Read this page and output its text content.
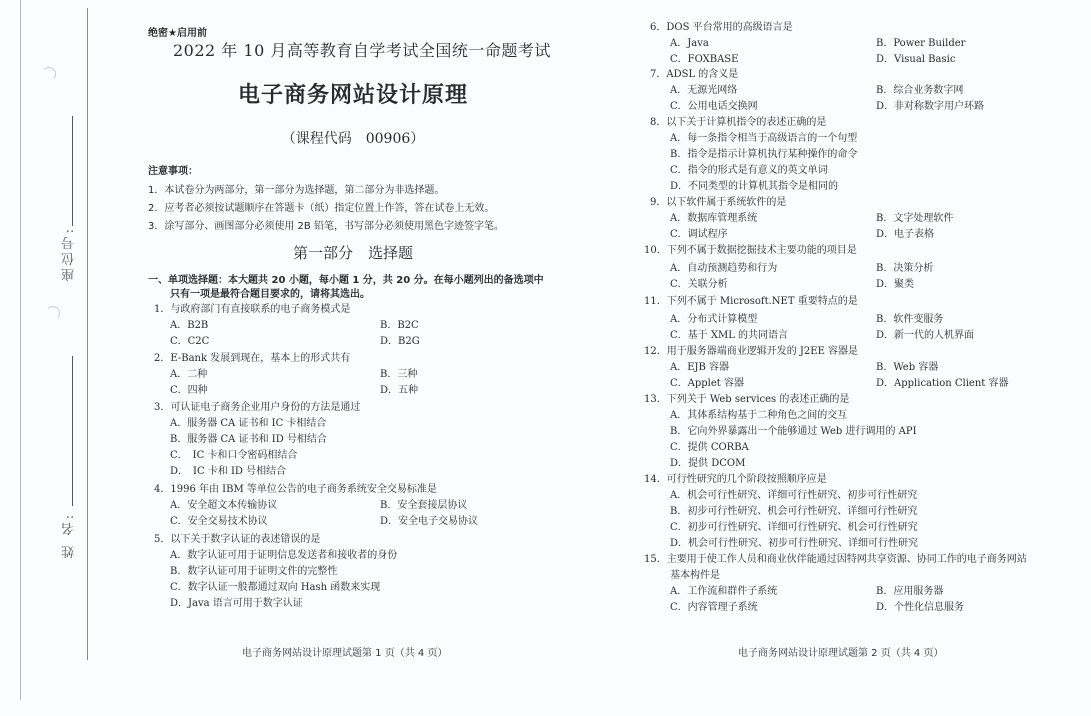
座位号:
姓 名:
绝密★启用前
2022 年 10 月高等教育自学考试全国统一命题考试
电子商务网站设计原理
（课程代码　00906）
注意事项：
1．本试卷分为两部分，第一部分为选择题，第二部分为非选择题。
2．应考者必须按试题顺序在答题卡（纸）指定位置上作答，答在试卷上无效。
3．涂写部分、画图部分必须使用 2B 铅笔，书写部分必须使用黑色字迹签字笔。
第一部分　选择题
一、单项选择题：本大题共 20 小题，每小题 1 分，共 20 分。在每小题列出的备选项中
只有一项是最符合题目要求的，请将其选出。
1．与政府部门有直接联系的电子商务模式是
A．B2B	B．B2C
C．C2C	D．B2G
2．E-Bank 发展到现在，基本上的形式共有
A．二种	B．三种
C．四种	D．五种
3．可认证电子商务企业用户身份的方法是通过
A．服务器 CA 证书和 IC 卡相结合
B．服务器 CA 证书和 ID 号相结合
C．　IC 卡和口令密码相结合
D．　IC 卡和 ID 号相结合
4．1996 年由 IBM 等单位公告的电子商务系统安全交易标准是
A．安全超文本传输协议	B．安全套接层协议
C．安全交易技术协议	D．安全电子交易协议
5．以下关于数字认证的表述错误的是
A．数字认证可用于证明信息发送者和接收者的身份
B．数字认证可用于证明文件的完整性
C．数字认证一般都通过双向 Hash 函数来实现
D．Java 语言可用于数字认证
电子商务网站设计原理试题第 1 页（共 4 页）
6．DOS 平台常用的高级语言是
A．Java	B．Power Builder
C．FOXBASE	D．Visual Basic
7．ADSL 的含义是
A．无源光网络	B．综合业务数字网
C．公用电话交换网	D．非对称数字用户环路
8．以下关于计算机指令的表述正确的是
A．每一条指令相当于高级语言的一个句型
B．指令是指示计算机执行某种操作的命令
C．指令的形式是有意义的英文单词
D．不同类型的计算机其指令是相同的
9．以下软件属于系统软件的是
A．数据库管理系统	B．文字处理软件
C．调试程序	D．电子表格
10．下列不属于数据挖掘技术主要功能的项目是
A．自动预测趋势和行为	B．决策分析
C．关联分析	D．聚类
11．下列不属于 Microsoft.NET 重要特点的是
A．分布式计算模型	B．软件变服务
C．基于 XML 的共同语言	D．新一代的人机界面
12．用于服务器端商业逻辑开发的 J2EE 容器是
A．EJB 容器	B．Web 容器
C．Applet 容器	D．Application Client 容器
13．下列关于 Web services 的表述正确的是
A．其体系结构基于二种角色之间的交互
B．它向外界暴露出一个能够通过 Web 进行调用的 API
C．提供 CORBA
D．提供 DCOM
14．可行性研究的几个阶段按照顺序应是
A．机会可行性研究、详细可行性研究、初步可行性研究
B．初步可行性研究、机会可行性研究、详细可行性研究
C．初步可行性研究、详细可行性研究、机会可行性研究
D．机会可行性研究、初步可行性研究、详细可行性研究
15．主要用于使工作人员和商业伙伴能通过因特网共享资源、协同工作的电子商务网站
基本构件是
A．工作流和群件子系统	B．应用服务器
C．内容管理子系统	D．个性化信息服务
电子商务网站设计原理试题第 2 页（共 4 页）
